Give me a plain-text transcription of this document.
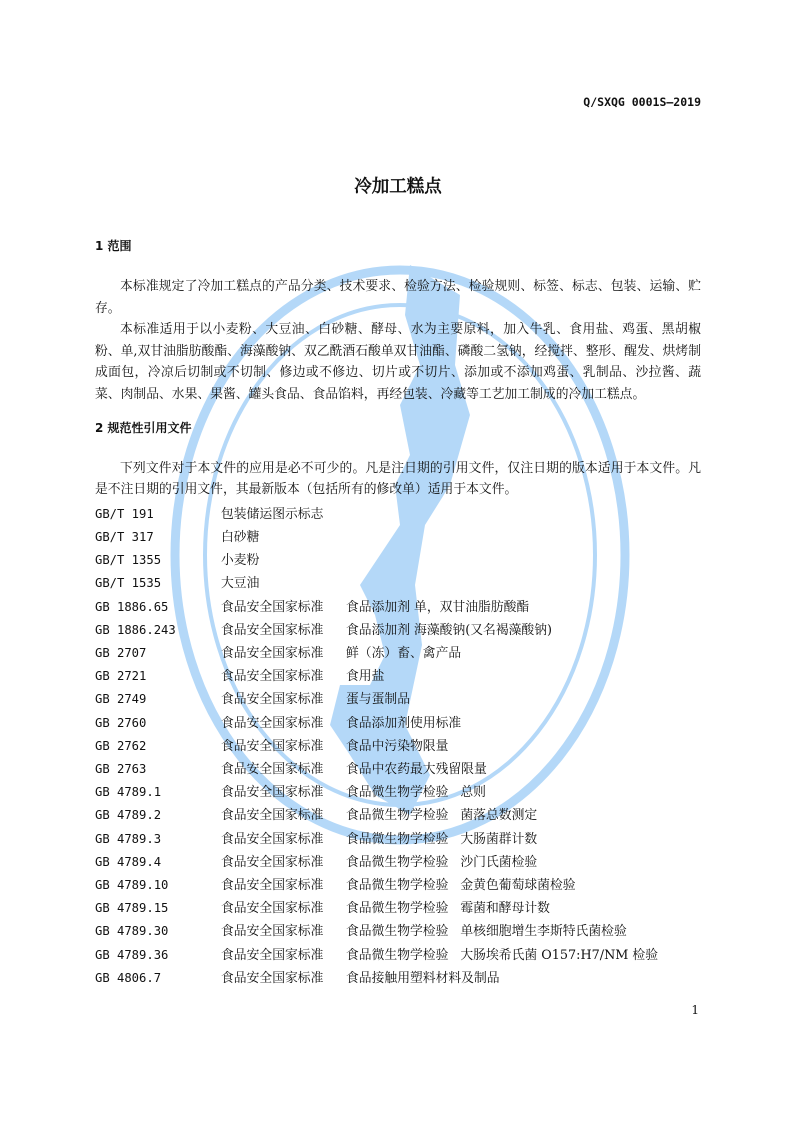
Q/SXQG 0001S—2019
冷加工糕点
1 范围

本标准规定了冷加工糕点的产品分类、技术要求、检验方法、检验规则、标签、标志、包装、运输、贮存。

本标准适用于以小麦粉、大豆油、白砂糖、酵母、水为主要原料，加入牛乳、食用盐、鸡蛋、黑胡椒粉、单,双甘油脂肪酸酯、海藻酸钠、双乙酰酒石酸单双甘油酯、磷酸二氢钠，经搅拌、整形、醒发、烘烤制成面包，冷凉后切制或不切制、修边或不修边、切片或不切片、添加或不添加鸡蛋、乳制品、沙拉酱、蔬菜、肉制品、水果、果酱、罐头食品、食品馅料，再经包装、冷藏等工艺加工制成的冷加工糕点。

2 规范性引用文件

下列文件对于本文件的应用是必不可少的。凡是注日期的引用文件，仅注日期的版本适用于本文件。凡是不注日期的引用文件，其最新版本（包括所有的修改单）适用于本文件。

GB/T 191	包装储运图示标志
GB/T 317	白砂糖
GB/T 1355	小麦粉
GB/T 1535	大豆油
GB 1886.65	食品安全国家标准	食品添加剂 单，双甘油脂肪酸酯
GB 1886.243	食品安全国家标准	食品添加剂 海藻酸钠(又名褐藻酸钠)
GB 2707	食品安全国家标准	鲜（冻）畜、禽产品
GB 2721	食品安全国家标准	食用盐
GB 2749	食品安全国家标准	蛋与蛋制品
GB 2760	食品安全国家标准	食品添加剂使用标准
GB 2762	食品安全国家标准	食品中污染物限量
GB 2763	食品安全国家标准	食品中农药最大残留限量
GB 4789.1	食品安全国家标准	食品微生物学检验 总则
GB 4789.2	食品安全国家标准	食品微生物学检验 菌落总数测定
GB 4789.3	食品安全国家标准	食品微生物学检验 大肠菌群计数
GB 4789.4	食品安全国家标准	食品微生物学检验 沙门氏菌检验
GB 4789.10	食品安全国家标准	食品微生物学检验 金黄色葡萄球菌检验
GB 4789.15	食品安全国家标准	食品微生物学检验 霉菌和酵母计数
GB 4789.30	食品安全国家标准	食品微生物学检验 单核细胞增生李斯特氏菌检验
GB 4789.36	食品安全国家标准	食品微生物学检验 大肠埃希氏菌 O157:H7/NM 检验
GB 4806.7	食品安全国家标准	食品接触用塑料材料及制品
1
